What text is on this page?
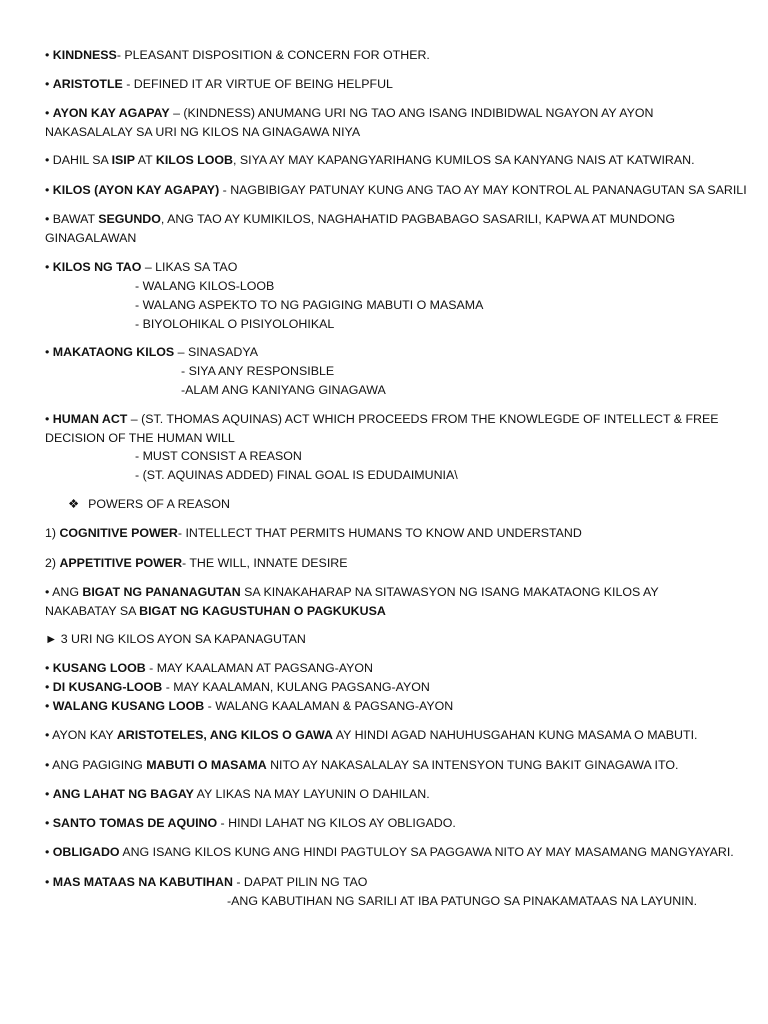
• KINDNESS- PLEASANT DISPOSITION & CONCERN FOR OTHER.
• ARISTOTLE - DEFINED IT AR VIRTUE OF BEING HELPFUL
• AYON KAY AGAPAY – (KINDNESS) ANUMANG URI NG TAO ANG ISANG INDIBIDWAL NGAYON AY AYON NAKASALALAY SA URI NG KILOS NA GINAGAWA NIYA
• DAHIL SA ISIP AT KILOS LOOB, SIYA AY MAY KAPANGYARIHANG KUMILOS SA KANYANG NAIS AT KATWIRAN.
• KILOS (AYON KAY AGAPAY) - NAGBIBIGAY PATUNAY KUNG ANG TAO AY MAY KONTROL AL PANANAGUTAN SA SARILI
• BAWAT SEGUNDO, ANG TAO AY KUMIKILOS, NAGHAHATID PAGBABAGO SASARILI, KAPWA AT MUNDONG GINAGALAWAN
• KILOS NG TAO – LIKAS SA TAO
- WALANG KILOS-LOOB
- WALANG ASPEKTO TO NG PAGIGING MABUTI O MASAMA
- BIYOLOHIKAL O PISIYOLOHIKAL
• MAKATAONG KILOS – SINASADYA
- SIYA ANY RESPONSIBLE
-ALAM ANG KANIYANG GINAGAWA
• HUMAN ACT – (ST. THOMAS AQUINAS) ACT WHICH PROCEEDS FROM THE KNOWLEGDE OF INTELLECT & FREE DECISION OF THE HUMAN WILL
- MUST CONSIST A REASON
- (ST. AQUINAS ADDED) FINAL GOAL IS EDUDAIMUNIA\
❖ POWERS OF A REASON
1) COGNITIVE POWER- INTELLECT THAT PERMITS HUMANS TO KNOW AND UNDERSTAND
2) APPETITIVE POWER- THE WILL, INNATE DESIRE
• ANG BIGAT NG PANANAGUTAN SA KINAKAHARAP NA SITAWASYON NG ISANG MAKATAONG KILOS AY NAKABATAY SA BIGAT NG KAGUSTUHAN O PAGKUKUSA
► 3 URI NG KILOS AYON SA KAPANAGUTAN
• KUSANG LOOB - MAY KAALAMAN AT PAGSANG-AYON
• DI KUSANG-LOOB - MAY KAALAMAN, KULANG PAGSANG-AYON
• WALANG KUSANG LOOB - WALANG KAALAMAN & PAGSANG-AYON
• AYON KAY ARISTOTELES, ANG KILOS O GAWA AY HINDI AGAD NAHUHUSGAHAN KUNG MASAMA O MABUTI.
• ANG PAGIGING MABUTI O MASAMA NITO AY NAKASALALAY SA INTENSYON TUNG BAKIT GINAGAWA ITO.
• ANG LAHAT NG BAGAY AY LIKAS NA MAY LAYUNIN O DAHILAN.
• SANTO TOMAS DE AQUINO - HINDI LAHAT NG KILOS AY OBLIGADO.
• OBLIGADO ANG ISANG KILOS KUNG ANG HINDI PAGTULOY SA PAGGAWA NITO AY MAY MASAMANG MANGYAYARI.
• MAS MATAAS NA KABUTIHAN - DAPAT PILIN NG TAO
-ANG KABUTIHAN NG SARILI AT IBA PATUNGO SA PINAKAMATAAS NA LAYUNIN.
